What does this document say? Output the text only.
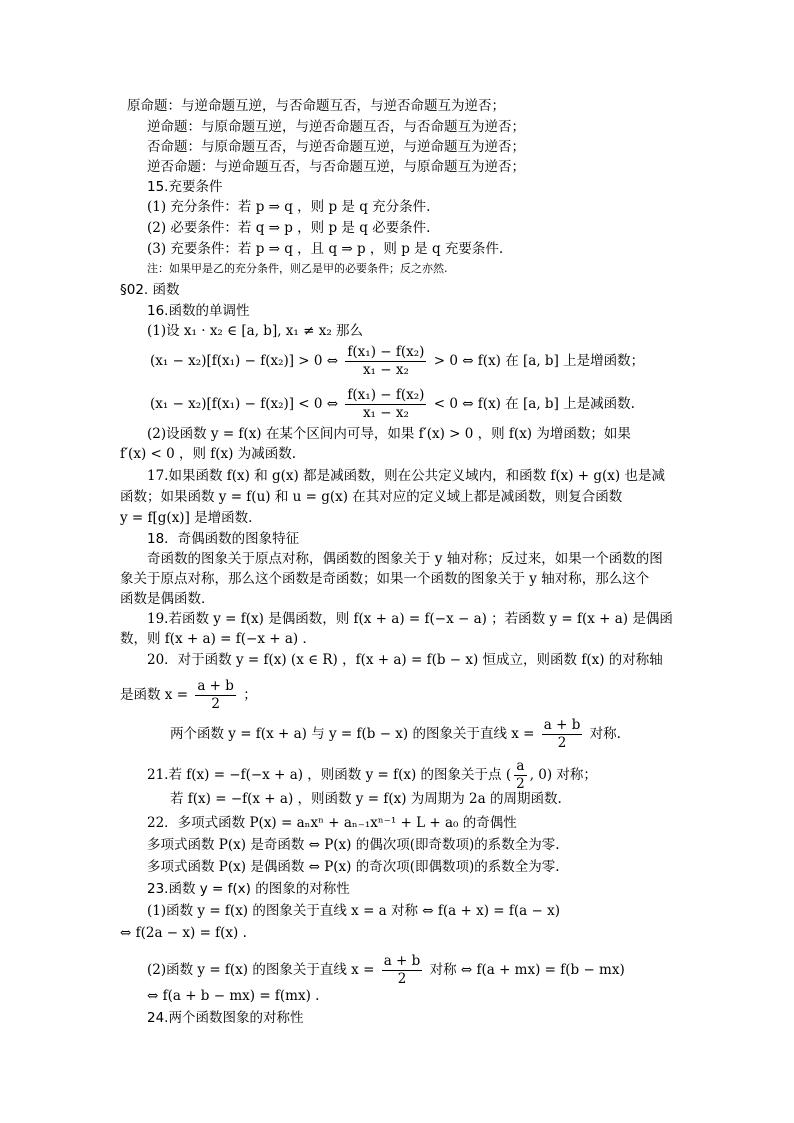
原命题：与逆命题互逆，与否命题互否，与逆否命题互为逆否；
逆命题：与原命题互逆，与逆否命题互否，与否命题互为逆否；
否命题：与原命题互否，与逆否命题互逆，与逆命题互为逆否；
逆否命题：与逆命题互否，与否命题互逆，与原命题互为逆否；
15.充要条件
(1) 充分条件：若 p ⇒ q ，则 p 是 q 充分条件.
(2) 必要条件：若 q ⇒ p ，则 p 是 q 必要条件.
(3) 充要条件：若 p ⇒ q ，且 q ⇒ p ，则 p 是 q 充要条件.
注：如果甲是乙的充分条件，则乙是甲的必要条件；反之亦然.
§02. 函数
16.函数的单调性
(1)设 x₁ · x₂ ∈ [a, b], x₁ ≠ x₂ 那么
(x₁ − x₂)[f(x₁) − f(x₂)] > 0 ⇔ $\frac{\text{f(x₁) − f(x₂)}}{\text{x₁ − x₂}} > 0$ ⇔ f(x) 在 [a, b] 上是增函数；
(x₁ − x₂)[f(x₁) − f(x₂)] < 0 ⇔ $\frac{\text{f(x₁) − f(x₂)}}{\text{x₁ − x₂}} < 0$ ⇔ f(x) 在 [a, b] 上是减函数.
(2)设函数 y = f(x) 在某个区间内可导，如果 f′(x) > 0 ，则 f(x) 为增函数；如果
f′(x) < 0 ，则 f(x) 为减函数.
17.如果函数 f(x) 和 g(x) 都是减函数，则在公共定义域内，和函数 f(x) + g(x) 也是减
函数；如果函数 y = f(u) 和 u = g(x) 在其对应的定义域上都是减函数，则复合函数
y = f[g(x)] 是增函数.
18．奇偶函数的图象特征
奇函数的图象关于原点对称，偶函数的图象关于 y 轴对称；反过来，如果一个函数的图
象关于原点对称，那么这个函数是奇函数；如果一个函数的图象关于 y 轴对称，那么这个
函数是偶函数．
19.若函数 y = f(x) 是偶函数，则 f(x + a) = f(−x − a) ；若函数 y = f(x + a) 是偶函
数，则 f(x + a) = f(−x + a) ．
20．对于函数 y = f(x) (x ∈ R) ，f(x + a) = f(b − x) 恒成立，则函数 f(x) 的对称轴
是函数 $x = \frac{a + b}{2}$ ；
两个函数 y = f(x + a) 与 y = f(b − x) 的图象关于直线 $x = \frac{a + b}{2}$ 对称.
21.若 f(x) = −f(−x + a) ，则函数 y = f(x) 的图象关于点 ( $\frac{a}{2}$ , 0) 对称；
若 f(x) = −f(x + a) ，则函数 y = f(x) 为周期为 2a 的周期函数.
22．多项式函数 P(x) = aₙxⁿ + aₙ₋₁xⁿ⁻¹ + L + a₀ 的奇偶性
多项式函数 P(x) 是奇函数 ⇔ P(x) 的偶次项(即奇数项)的系数全为零.
多项式函数 P(x) 是偶函数 ⇔ P(x) 的奇次项(即偶数项)的系数全为零.
23.函数 y = f(x) 的图象的对称性
(1)函数 y = f(x) 的图象关于直线 x = a 对称 ⇔ f(a + x) = f(a − x)
⇔ f(2a − x) = f(x) .
(2)函数 y = f(x) 的图象关于直线 $x = \frac{a + b}{2}$ 对称 ⇔ f(a + mx) = f(b − mx)
⇔ f(a + b − mx) = f(mx) .
24.两个函数图象的对称性
